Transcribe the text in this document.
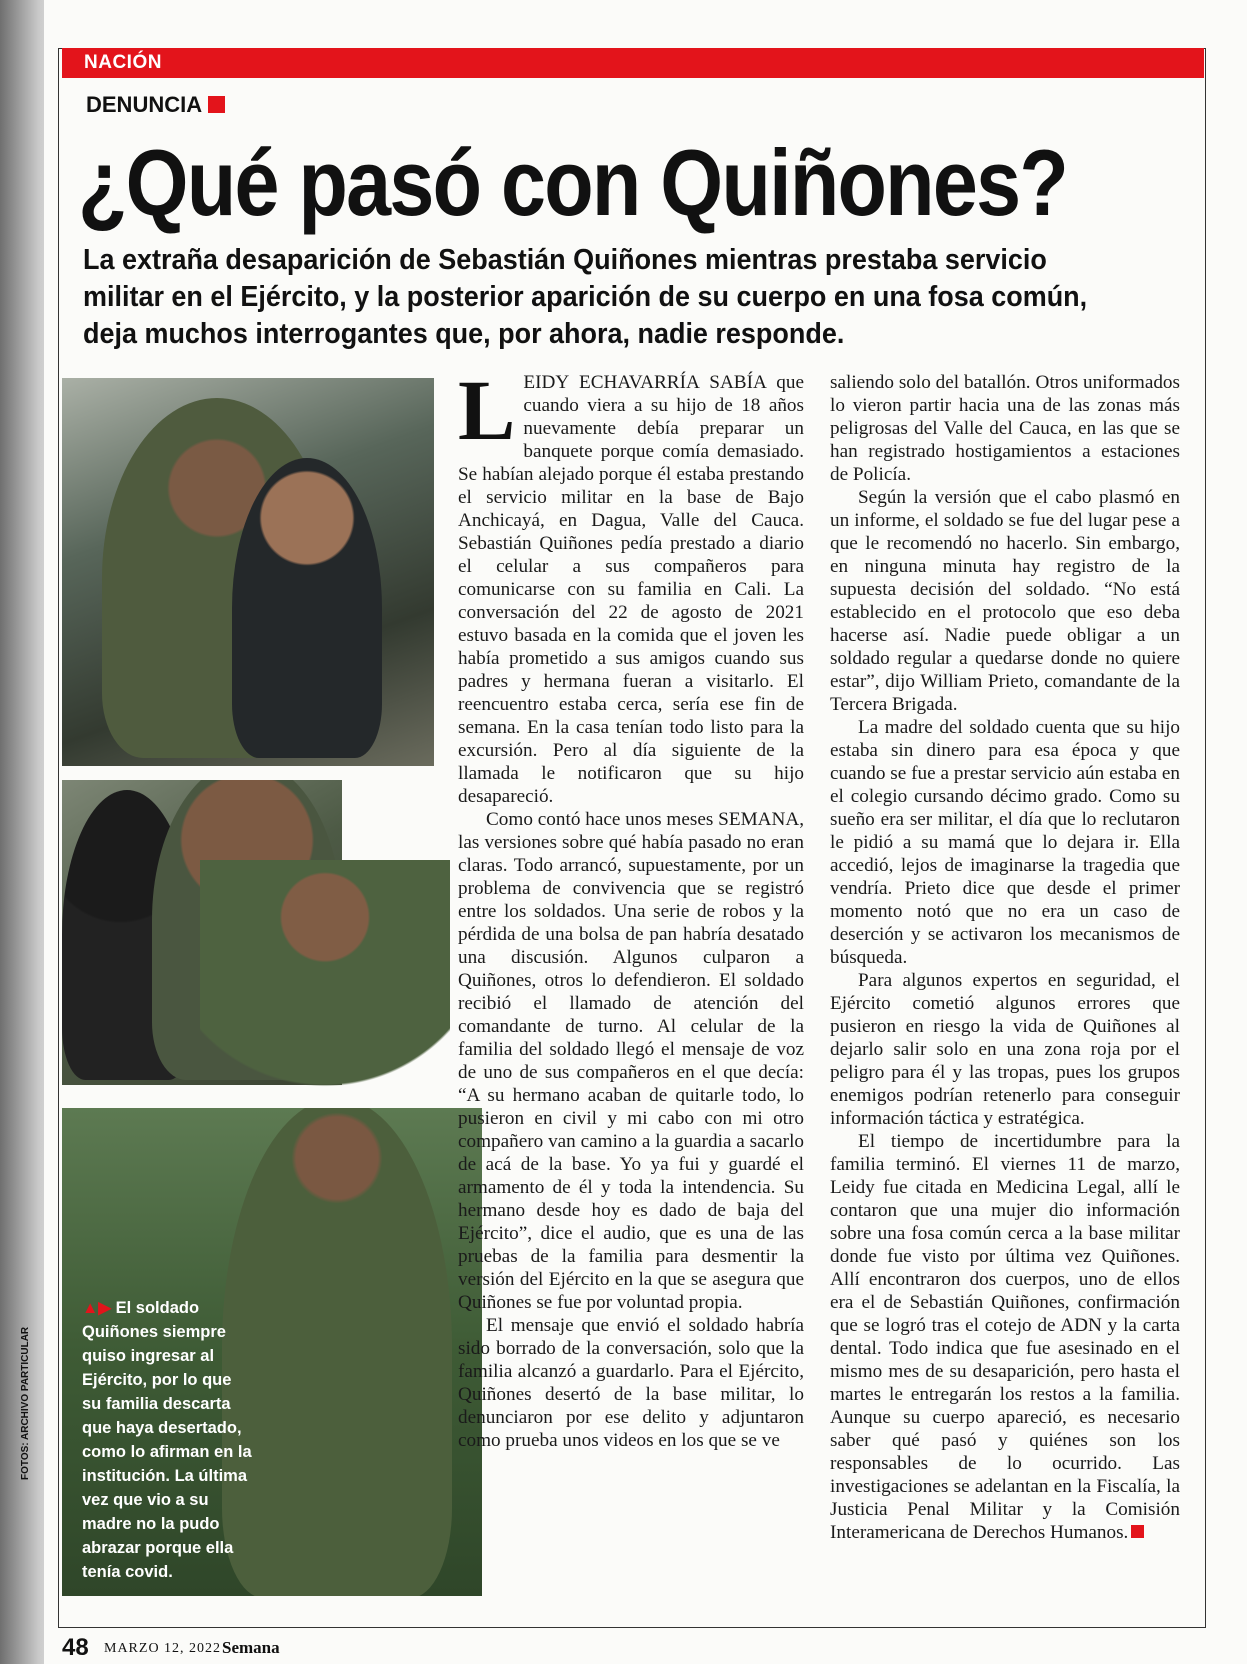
NACIÓN
DENUNCIA
¿Qué pasó con Quiñones?
La extraña desaparición de Sebastián Quiñones mientras prestaba servicio militar en el Ejército, y la posterior aparición de su cuerpo en una fosa común, deja muchos interrogantes que, por ahora, nadie responde.
▲▶ El soldado Quiñones siempre quiso ingresar al Ejército, por lo que su familia descarta que haya desertado, como lo afirman en la institución. La última vez que vio a su madre no la pudo abrazar porque ella tenía covid.
FOTOS: ARCHIVO PARTICULAR
L EIDY ECHAVARRÍA SABÍA que cuando viera a su hijo de 18 años nuevamente debía preparar un banquete porque comía demasiado. Se habían alejado porque él estaba prestando el servicio militar en la base de Bajo Anchicayá, en Dagua, Valle del Cauca. Sebastián Quiñones pedía prestado a diario el celular a sus compañeros para comunicarse con su familia en Cali. La conversación del 22 de agosto de 2021 estuvo basada en la comida que el joven les había prometido a sus amigos cuando sus padres y hermana fueran a visitarlo. El reencuentro estaba cerca, sería ese fin de semana. En la casa tenían todo listo para la excursión. Pero al día siguiente de la llamada le notificaron que su hijo desapareció.

Como contó hace unos meses SEMANA, las versiones sobre qué había pasado no eran claras. Todo arrancó, supuestamente, por un problema de convivencia que se registró entre los soldados. Una serie de robos y la pérdida de una bolsa de pan habría desatado una discusión. Algunos culparon a Quiñones, otros lo defendieron. El soldado recibió el llamado de atención del comandante de turno. Al celular de la familia del soldado llegó el mensaje de voz de uno de sus compañeros en el que decía: “A su hermano acaban de quitarle todo, lo pusieron en civil y mi cabo con mi otro compañero van camino a la guardia a sacarlo de acá de la base. Yo ya fui y guardé el armamento de él y toda la intendencia. Su hermano desde hoy es dado de baja del Ejército”, dice el audio, que es una de las pruebas de la familia para desmentir la versión del Ejército en la que se asegura que Quiñones se fue por voluntad propia.

El mensaje que envió el soldado habría sido borrado de la conversación, solo que la familia alcanzó a guardarlo. Para el Ejército, Quiñones desertó de la base militar, lo denunciaron por ese delito y adjuntaron como prueba unos videos en los que se ve

saliendo solo del batallón. Otros uniformados lo vieron partir hacia una de las zonas más peligrosas del Valle del Cauca, en las que se han registrado hostigamientos a estaciones de Policía.

Según la versión que el cabo plasmó en un informe, el soldado se fue del lugar pese a que le recomendó no hacerlo. Sin embargo, en ninguna minuta hay registro de la supuesta decisión del soldado. “No está establecido en el protocolo que eso deba hacerse así. Nadie puede obligar a un soldado regular a quedarse donde no quiere estar”, dijo William Prieto, comandante de la Tercera Brigada.

La madre del soldado cuenta que su hijo estaba sin dinero para esa época y que cuando se fue a prestar servicio aún estaba en el colegio cursando décimo grado. Como su sueño era ser militar, el día que lo reclutaron le pidió a su mamá que lo dejara ir. Ella accedió, lejos de imaginarse la tragedia que vendría. Prieto dice que desde el primer momento notó que no era un caso de deserción y se activaron los mecanismos de búsqueda.

Para algunos expertos en seguridad, el Ejército cometió algunos errores que pusieron en riesgo la vida de Quiñones al dejarlo salir solo en una zona roja por el peligro para él y las tropas, pues los grupos enemigos podrían retenerlo para conseguir información táctica y estratégica.

El tiempo de incertidumbre para la familia terminó. El viernes 11 de marzo, Leidy fue citada en Medicina Legal, allí le contaron que una mujer dio información sobre una fosa común cerca a la base militar donde fue visto por última vez Quiñones. Allí encontraron dos cuerpos, uno de ellos era el de Sebastián Quiñones, confirmación que se logró tras el cotejo de ADN y la carta dental. Todo indica que fue asesinado en el mismo mes de su desaparición, pero hasta el martes le entregarán los restos a la familia. Aunque su cuerpo apareció, es necesario saber qué pasó y quiénes son los responsables de lo ocurrido. Las investigaciones se adelantan en la Fiscalía, la Justicia Penal Militar y la Comisión Interamericana de Derechos Humanos.

48 MARZO 12, 2022 Semana
